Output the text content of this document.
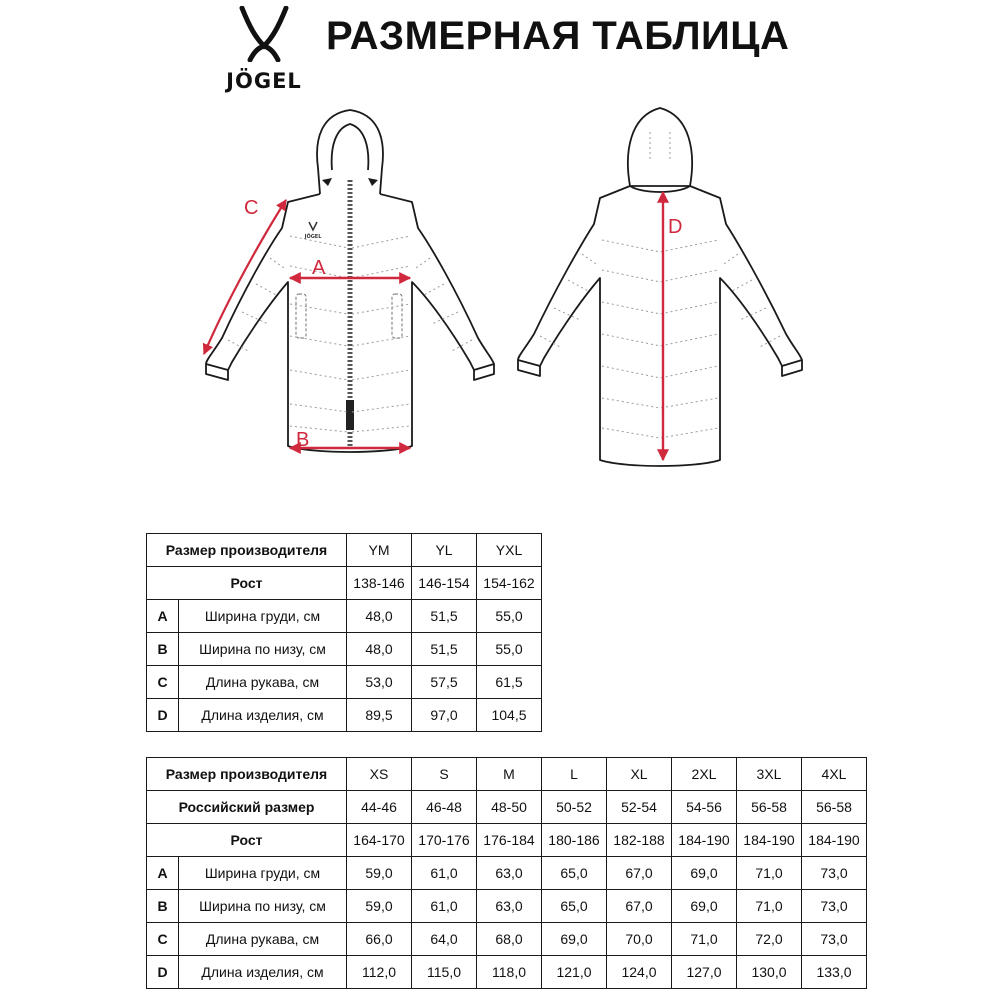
JÖGEL
РАЗМЕРНАЯ ТАБЛИЦА
JÖGEL
A
B
C
D
Размер производителя		YM	YL	YXL
Рост		138-146	146-154	154-162
A	Ширина груди, см	48,0	51,5	55,0
B	Ширина по низу, см	48,0	51,5	55,0
C	Длина рукава, см	53,0	57,5	61,5
D	Длина изделия, см	89,5	97,0	104,5
Размер производителя		XS	S	M	L	XL	2XL	3XL	4XL
Российский размер		44-46	46-48	48-50	50-52	52-54	54-56	56-58	56-58
Рост		164-170	170-176	176-184	180-186	182-188	184-190	184-190	184-190
A	Ширина груди, см	59,0	61,0	63,0	65,0	67,0	69,0	71,0	73,0
B	Ширина по низу, см	59,0	61,0	63,0	65,0	67,0	69,0	71,0	73,0
C	Длина рукава, см	66,0	64,0	68,0	69,0	70,0	71,0	72,0	73,0
D	Длина изделия, см	112,0	115,0	118,0	121,0	124,0	127,0	130,0	133,0
